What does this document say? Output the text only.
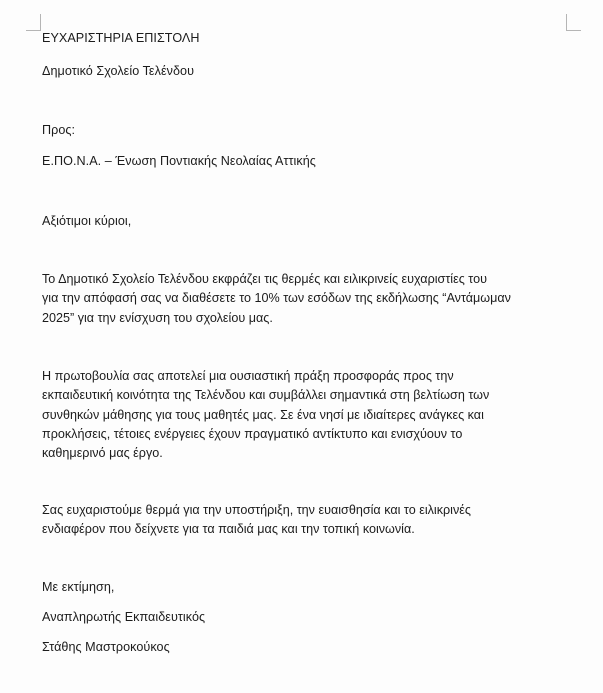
ΕΥΧΑΡΙΣΤΗΡΙΑ ΕΠΙΣΤΟΛΗ
Δημοτικό Σχολείο Τελένδου
Προς:
Ε.ΠΟ.Ν.Α. – Ένωση Ποντιακής Νεολαίας Αττικής
Αξιότιμοι κύριοι,
Το Δημοτικό Σχολείο Τελένδου εκφράζει τις θερμές και ειλικρινείς ευχαριστίες του
για την απόφασή σας να διαθέσετε το 10% των εσόδων της εκδήλωσης “Αντάμωμαν
2025” για την ενίσχυση του σχολείου μας.
Η πρωτοβουλία σας αποτελεί μια ουσιαστική πράξη προσφοράς προς την
εκπαιδευτική κοινότητα της Τελένδου και συμβάλλει σημαντικά στη βελτίωση των
συνθηκών μάθησης για τους μαθητές μας. Σε ένα νησί με ιδιαίτερες ανάγκες και
προκλήσεις, τέτοιες ενέργειες έχουν πραγματικό αντίκτυπο και ενισχύουν το
καθημερινό μας έργο.
Σας ευχαριστούμε θερμά για την υποστήριξη, την ευαισθησία και το ειλικρινές
ενδιαφέρον που δείχνετε για τα παιδιά μας και την τοπική κοινωνία.
Με εκτίμηση,
Αναπληρωτής Εκπαιδευτικός
Στάθης Μαστροκούκος
